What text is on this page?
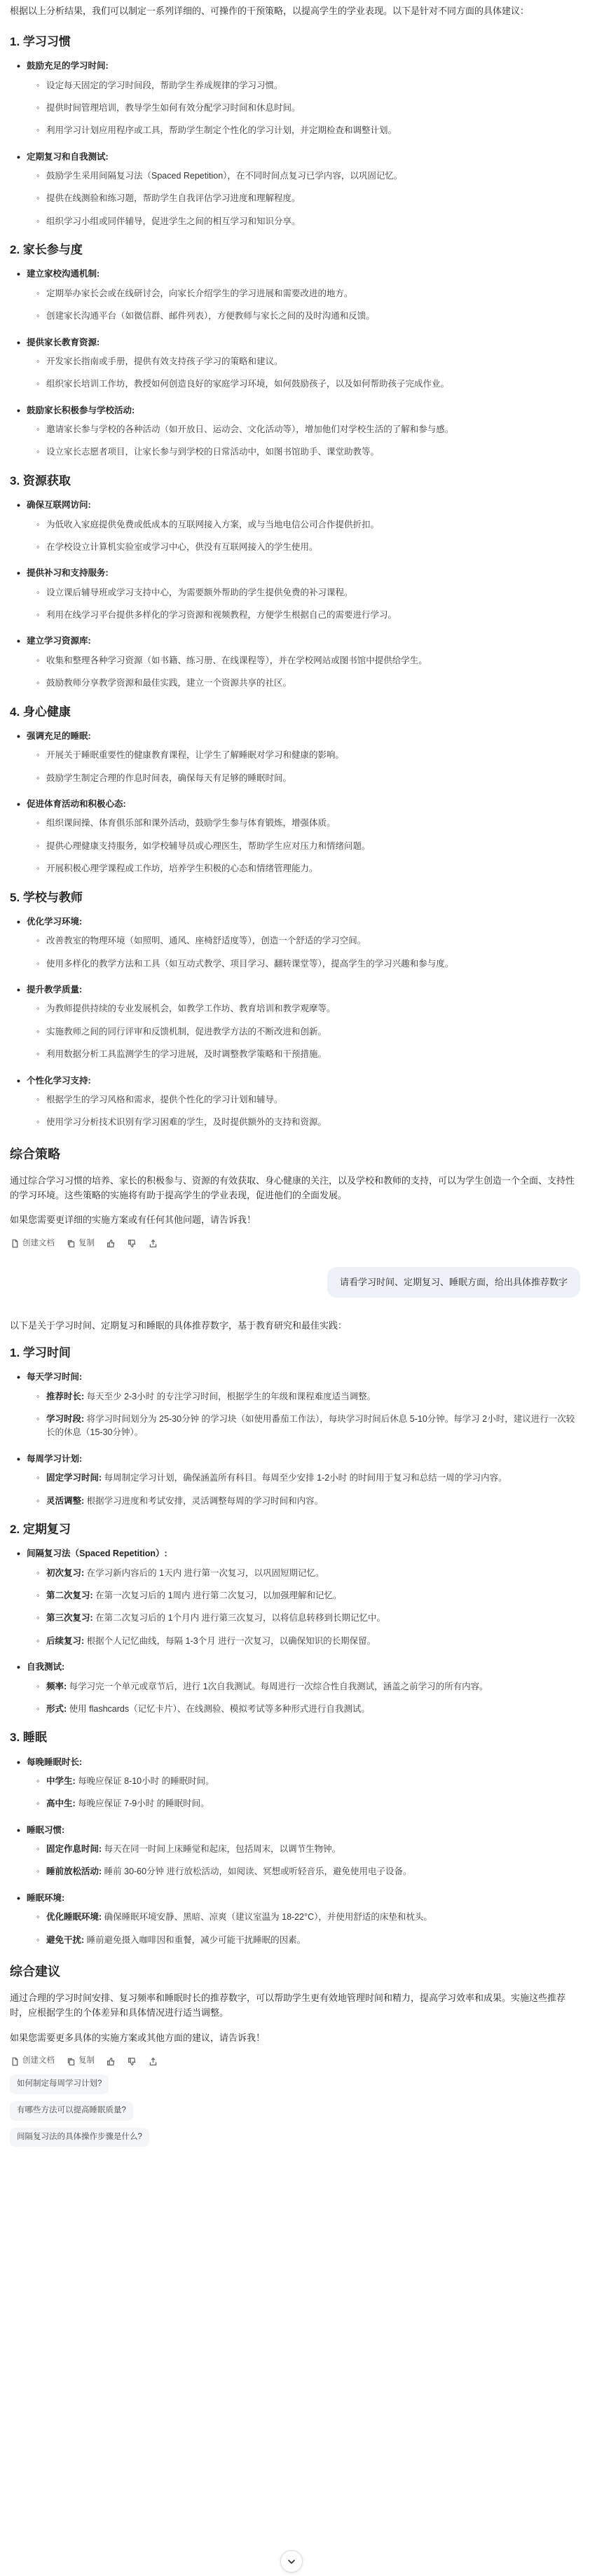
根据以上分析结果，我们可以制定一系列详细的、可操作的干预策略，以提高学生的学业表现。以下是针对不同方面的具体建议：

1. 学习习惯
• 鼓励充足的学习时间:
◦ 设定每天固定的学习时间段，帮助学生养成规律的学习习惯。
◦ 提供时间管理培训，教导学生如何有效分配学习时间和休息时间。
◦ 利用学习计划应用程序或工具，帮助学生制定个性化的学习计划，并定期检查和调整计划。
• 定期复习和自我测试:
◦ 鼓励学生采用间隔复习法（Spaced Repetition），在不同时间点复习已学内容，以巩固记忆。
◦ 提供在线测验和练习题，帮助学生自我评估学习进度和理解程度。
◦ 组织学习小组或同伴辅导，促进学生之间的相互学习和知识分享。
2. 家长参与度
• 建立家校沟通机制:
◦ 定期举办家长会或在线研讨会，向家长介绍学生的学习进展和需要改进的地方。
◦ 创建家长沟通平台（如微信群、邮件列表），方便教师与家长之间的及时沟通和反馈。
• 提供家长教育资源:
◦ 开发家长指南或手册，提供有效支持孩子学习的策略和建议。
◦ 组织家长培训工作坊，教授如何创造良好的家庭学习环境，如何鼓励孩子，以及如何帮助孩子完成作业。
• 鼓励家长积极参与学校活动:
◦ 邀请家长参与学校的各种活动（如开放日、运动会、文化活动等），增加他们对学校生活的了解和参与感。
◦ 设立家长志愿者项目，让家长参与到学校的日常活动中，如图书馆助手、课堂助教等。
3. 资源获取
• 确保互联网访问:
◦ 为低收入家庭提供免费或低成本的互联网接入方案，或与当地电信公司合作提供折扣。
◦ 在学校设立计算机实验室或学习中心，供没有互联网接入的学生使用。
• 提供补习和支持服务:
◦ 设立课后辅导班或学习支持中心，为需要额外帮助的学生提供免费的补习课程。
◦ 利用在线学习平台提供多样化的学习资源和视频教程，方便学生根据自己的需要进行学习。
• 建立学习资源库:
◦ 收集和整理各种学习资源（如书籍、练习册、在线课程等），并在学校网站或图书馆中提供给学生。
◦ 鼓励教师分享教学资源和最佳实践，建立一个资源共享的社区。
4. 身心健康
• 强调充足的睡眠:
◦ 开展关于睡眠重要性的健康教育课程，让学生了解睡眠对学习和健康的影响。
◦ 鼓励学生制定合理的作息时间表，确保每天有足够的睡眠时间。
• 促进体育活动和积极心态:
◦ 组织课间操、体育俱乐部和课外活动，鼓励学生参与体育锻炼，增强体质。
◦ 提供心理健康支持服务，如学校辅导员或心理医生，帮助学生应对压力和情绪问题。
◦ 开展积极心理学课程或工作坊，培养学生积极的心态和情绪管理能力。
5. 学校与教师
• 优化学习环境:
◦ 改善教室的物理环境（如照明、通风、座椅舒适度等），创造一个舒适的学习空间。
◦ 使用多样化的教学方法和工具（如互动式教学、项目学习、翻转课堂等），提高学生的学习兴趣和参与度。
• 提升教学质量:
◦ 为教师提供持续的专业发展机会，如教学工作坊、教育培训和教学观摩等。
◦ 实施教师之间的同行评审和反馈机制，促进教学方法的不断改进和创新。
◦ 利用数据分析工具监测学生的学习进展，及时调整教学策略和干预措施。
• 个性化学习支持:
◦ 根据学生的学习风格和需求，提供个性化的学习计划和辅导。
◦ 使用学习分析技术识别有学习困难的学生，及时提供额外的支持和资源。
综合策略

通过综合学习习惯的培养、家长的积极参与、资源的有效获取、身心健康的关注，以及学校和教师的支持，可以为学生创造一个全面、支持性的学习环境。这些策略的实施将有助于提高学生的学业表现，促进他们的全面发展。

如果您需要更详细的实施方案或有任何其他问题，请告诉我！

创建文档	复制
请看学习时间、定期复习、睡眠方面，给出具体推荐数字

以下是关于学习时间、定期复习和睡眠的具体推荐数字，基于教育研究和最佳实践：

1. 学习时间
• 每天学习时间:
◦ 推荐时长: 每天至少 2-3小时 的专注学习时间，根据学生的年级和课程难度适当调整。
◦ 学习时段: 将学习时间划分为 25-30分钟 的学习块（如使用番茄工作法），每块学习时间后休息 5-10分钟。每学习 2小时，建议进行一次较长的休息（15-30分钟）。
• 每周学习计划:
◦ 固定学习时间: 每周制定学习计划，确保涵盖所有科目。每周至少安排 1-2小时 的时间用于复习和总结一周的学习内容。
◦ 灵活调整: 根据学习进度和考试安排，灵活调整每周的学习时间和内容。
2. 定期复习
• 间隔复习法（Spaced Repetition）:
◦ 初次复习: 在学习新内容后的 1天内 进行第一次复习，以巩固短期记忆。
◦ 第二次复习: 在第一次复习后的 1周内 进行第二次复习，以加强理解和记忆。
◦ 第三次复习: 在第二次复习后的 1个月内 进行第三次复习，以将信息转移到长期记忆中。
◦ 后续复习: 根据个人记忆曲线，每隔 1-3个月 进行一次复习，以确保知识的长期保留。
• 自我测试:
◦ 频率: 每学习完一个单元或章节后，进行 1次自我测试。每周进行一次综合性自我测试，涵盖之前学习的所有内容。
◦ 形式: 使用 flashcards（记忆卡片）、在线测验、模拟考试等多种形式进行自我测试。
3. 睡眠
• 每晚睡眠时长:
◦ 中学生: 每晚应保证 8-10小时 的睡眠时间。
◦ 高中生: 每晚应保证 7-9小时 的睡眠时间。
• 睡眠习惯:
◦ 固定作息时间: 每天在同一时间上床睡觉和起床，包括周末，以调节生物钟。
◦ 睡前放松活动: 睡前 30-60分钟 进行放松活动，如阅读、冥想或听轻音乐，避免使用电子设备。
• 睡眠环境:
◦ 优化睡眠环境: 确保睡眠环境安静、黑暗、凉爽（建议室温为 18-22°C），并使用舒适的床垫和枕头。
◦ 避免干扰: 睡前避免摄入咖啡因和重餐，减少可能干扰睡眠的因素。
综合建议

通过合理的学习时间安排、复习频率和睡眠时长的推荐数字，可以帮助学生更有效地管理时间和精力，提高学习效率和成果。实施这些推荐时，应根据学生的个体差异和具体情况进行适当调整。

如果您需要更多具体的实施方案或其他方面的建议，请告诉我！

创建文档	复制
如何制定每周学习计划?
有哪些方法可以提高睡眠质量?
间隔复习法的具体操作步骤是什么?
